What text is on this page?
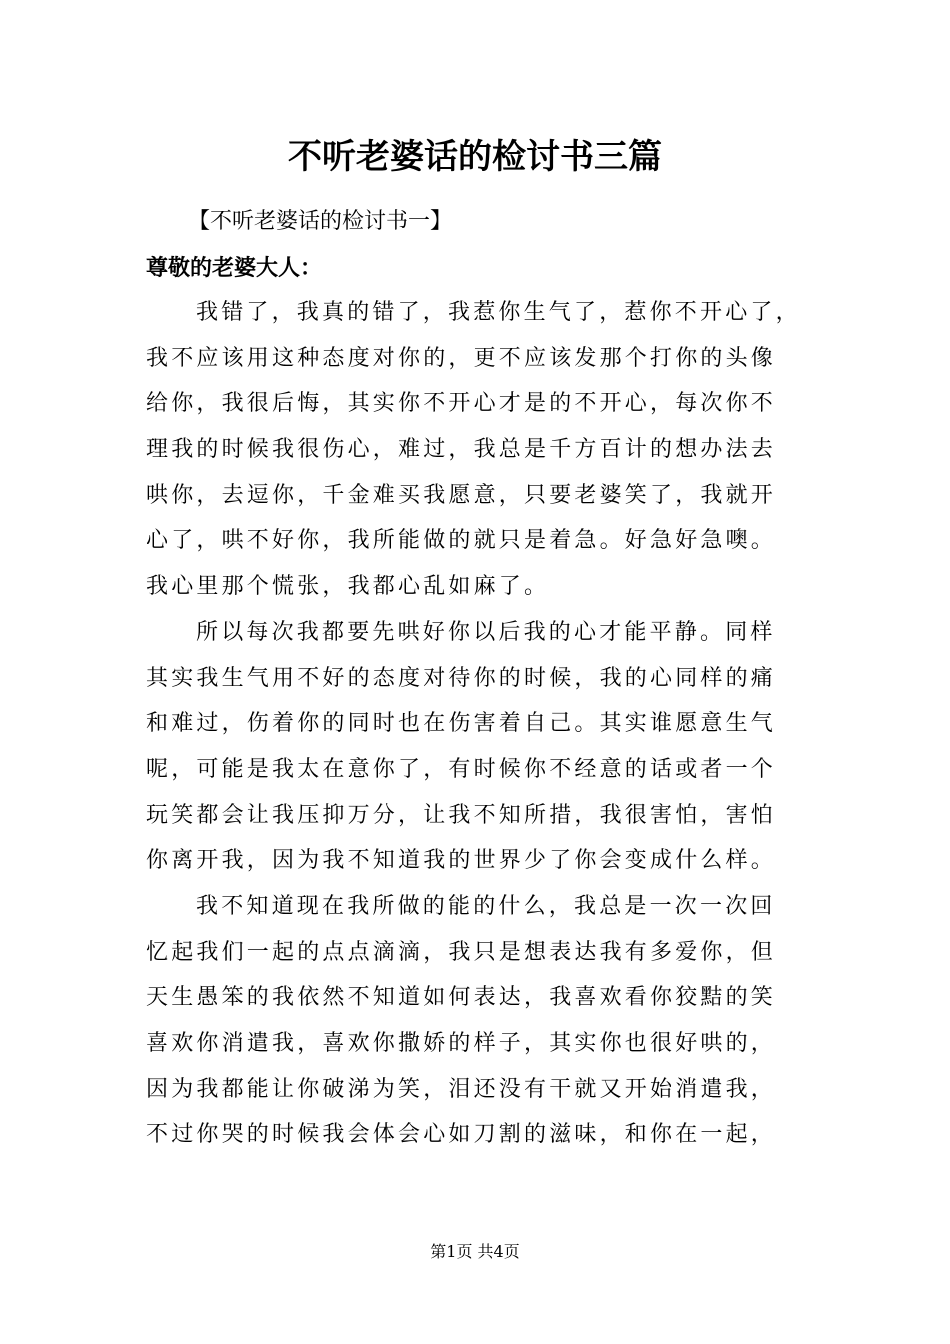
不听老婆话的检讨书三篇
【不听老婆话的检讨书一】
尊敬的老婆大人：
我错了，我真的错了，我惹你生气了，惹你不开心了，
我不应该用这种态度对你的，更不应该发那个打你的头像
给你，我很后悔，其实你不开心才是的不开心，每次你不
理我的时候我很伤心，难过，我总是千方百计的想办法去
哄你，去逗你，千金难买我愿意，只要老婆笑了，我就开
心了，哄不好你，我所能做的就只是着急。好急好急噢。
我心里那个慌张，我都心乱如麻了。
所以每次我都要先哄好你以后我的心才能平静。同样
其实我生气用不好的态度对待你的时候，我的心同样的痛
和难过，伤着你的同时也在伤害着自己。其实谁愿意生气
呢，可能是我太在意你了，有时候你不经意的话或者一个
玩笑都会让我压抑万分，让我不知所措，我很害怕，害怕
你离开我，因为我不知道我的世界少了你会变成什么样。
我不知道现在我所做的能的什么，我总是一次一次回
忆起我们一起的点点滴滴，我只是想表达我有多爱你，但
天生愚笨的我依然不知道如何表达，我喜欢看你狡黠的笑
喜欢你消遣我，喜欢你撒娇的样子，其实你也很好哄的，
因为我都能让你破涕为笑，泪还没有干就又开始消遣我，
不过你哭的时候我会体会心如刀割的滋味，和你在一起，
第1页 共4页
